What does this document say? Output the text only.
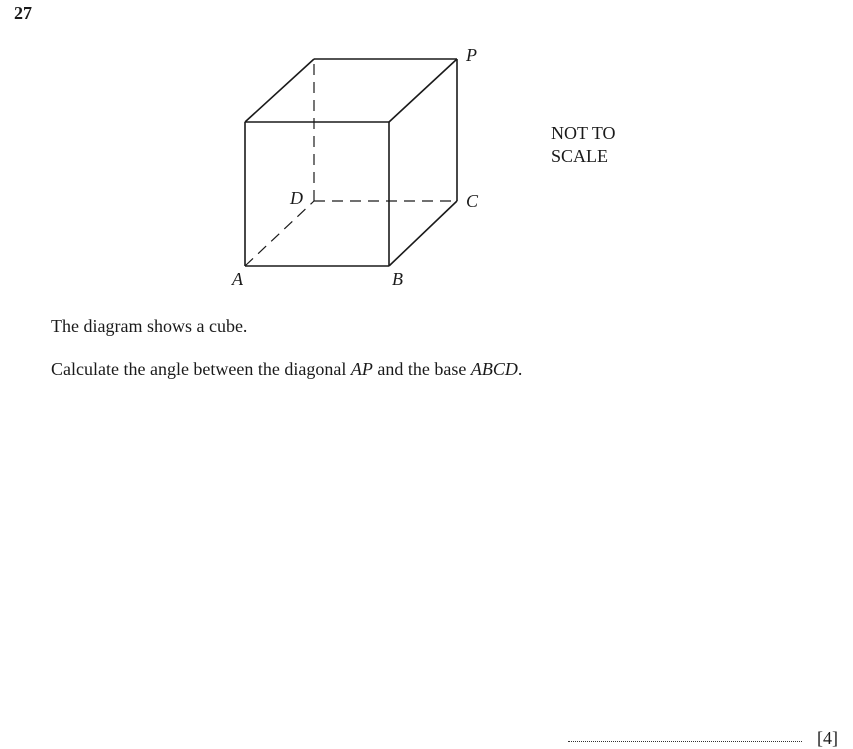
27
P
C
D
A	B
NOT TO
SCALE
The diagram shows a cube.
Calculate the angle between the diagonal AP and the base ABCD.
[4]
